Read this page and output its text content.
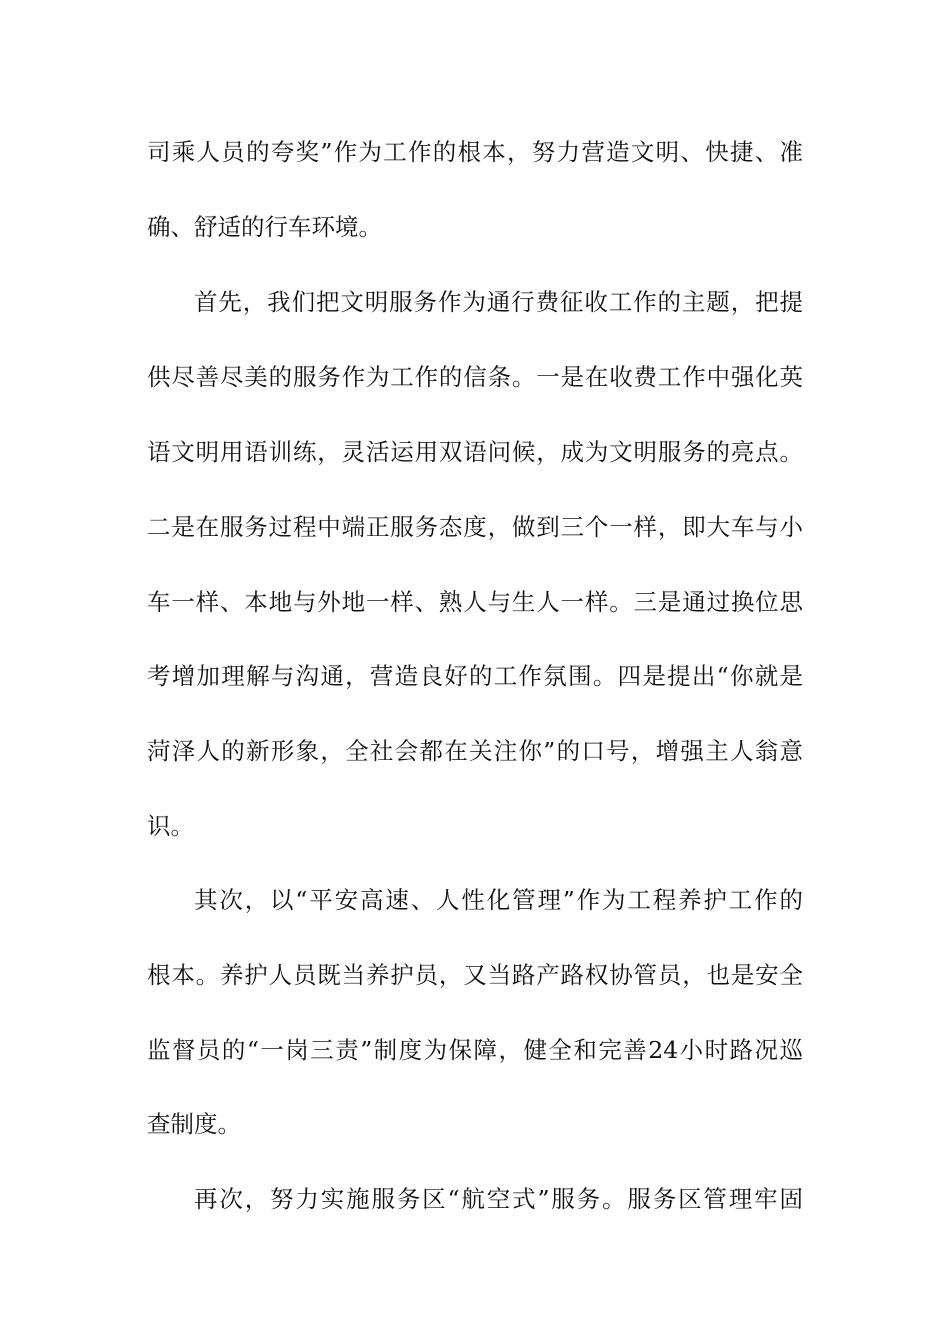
司乘人员的夸奖”作为工作的根本，努力营造文明、快捷、准
确、舒适的行车环境。
首先，我们把文明服务作为通行费征收工作的主题，把提
供尽善尽美的服务作为工作的信条。一是在收费工作中强化英
语文明用语训练，灵活运用双语问候，成为文明服务的亮点。
二是在服务过程中端正服务态度，做到三个一样，即大车与小
车一样、本地与外地一样、熟人与生人一样。三是通过换位思
考增加理解与沟通，营造良好的工作氛围。四是提出“你就是
菏泽人的新形象，全社会都在关注你”的口号，增强主人翁意
识。
其次，以“平安高速、人性化管理”作为工程养护工作的
根本。养护人员既当养护员，又当路产路权协管员，也是安全
监督员的“一岗三责”制度为保障，健全和完善24小时路况巡
查制度。
再次，努力实施服务区“航空式”服务。服务区管理牢固
